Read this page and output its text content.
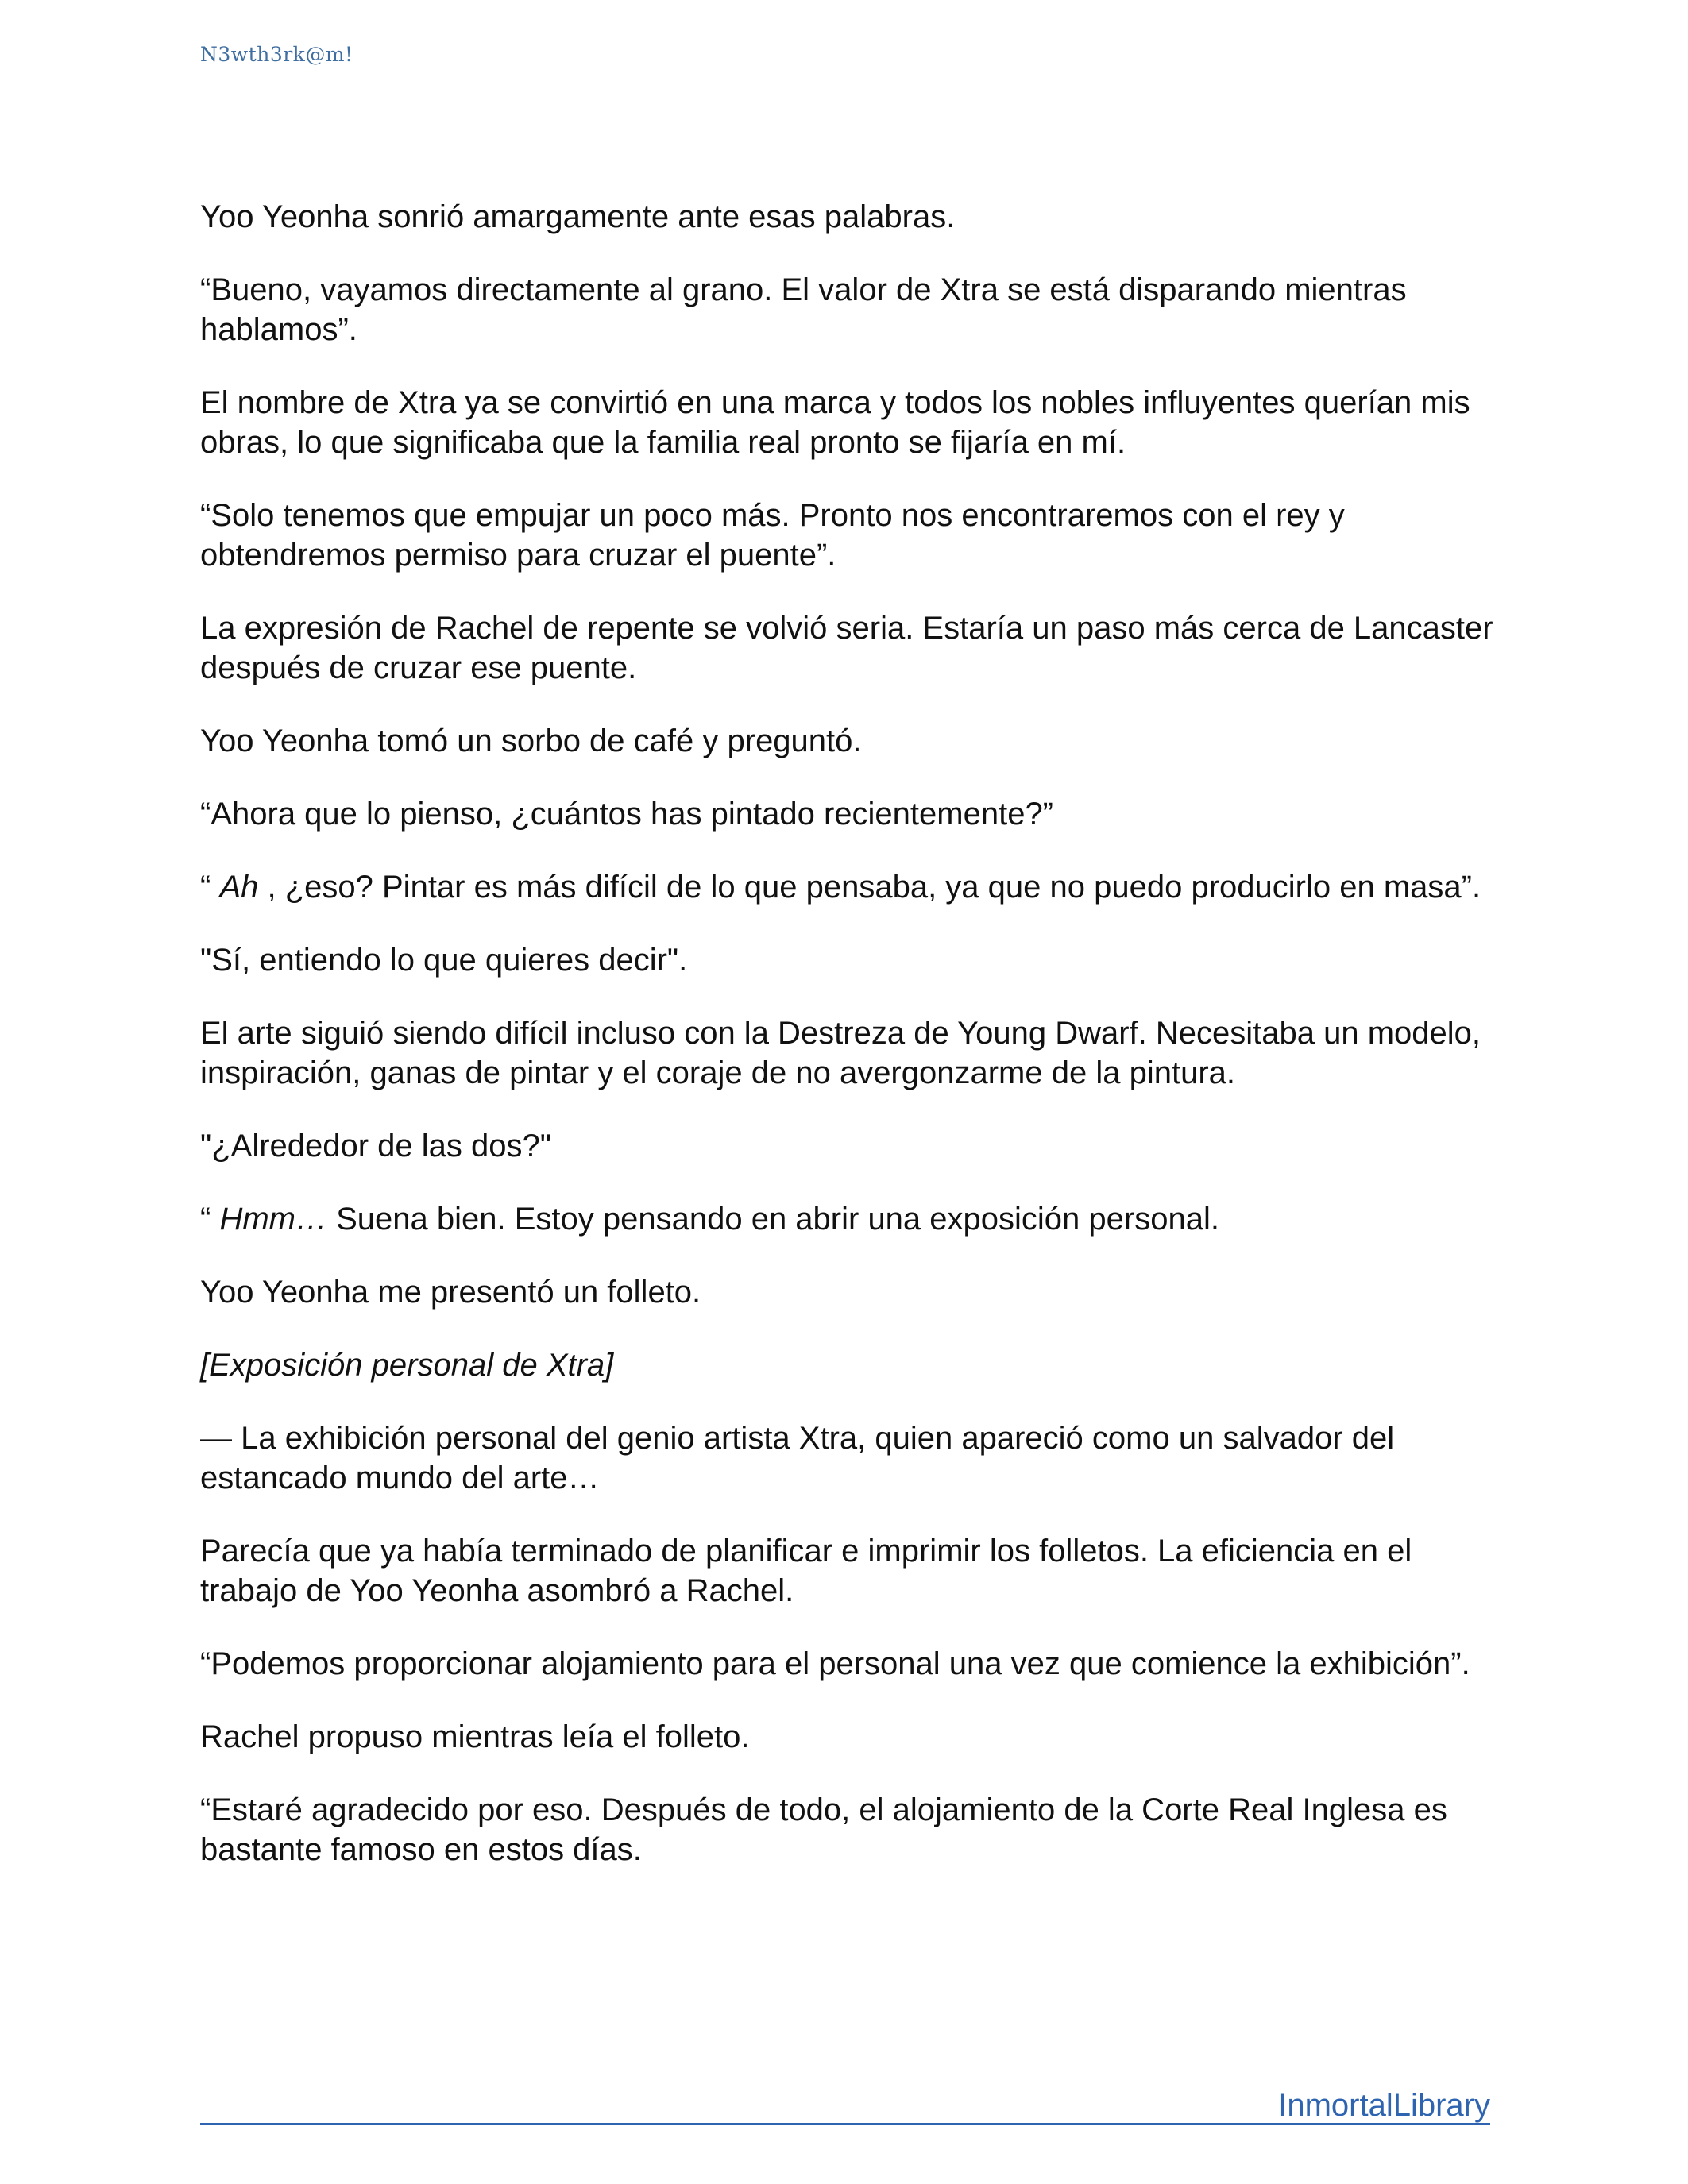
N3wth3rk@m!

Yoo Yeonha sonrió amargamente ante esas palabras.

“Bueno, vayamos directamente al grano. El valor de Xtra se está disparando mientras hablamos”.

El nombre de Xtra ya se convirtió en una marca y todos los nobles influyentes querían mis obras, lo que significaba que la familia real pronto se fijaría en mí.

“Solo tenemos que empujar un poco más. Pronto nos encontraremos con el rey y obtendremos permiso para cruzar el puente”.

La expresión de Rachel de repente se volvió seria. Estaría un paso más cerca de Lancaster después de cruzar ese puente.

Yoo Yeonha tomó un sorbo de café y preguntó.

“Ahora que lo pienso, ¿cuántos has pintado recientemente?”

“ Ah , ¿eso? Pintar es más difícil de lo que pensaba, ya que no puedo producirlo en masa”.

"Sí, entiendo lo que quieres decir".

El arte siguió siendo difícil incluso con la Destreza de Young Dwarf. Necesitaba un modelo, inspiración, ganas de pintar y el coraje de no avergonzarme de la pintura.

"¿Alrededor de las dos?"

“ Hmm… Suena bien. Estoy pensando en abrir una exposición personal.

Yoo Yeonha me presentó un folleto.

[Exposición personal de Xtra]

— La exhibición personal del genio artista Xtra, quien apareció como un salvador del estancado mundo del arte…

Parecía que ya había terminado de planificar e imprimir los folletos. La eficiencia en el trabajo de Yoo Yeonha asombró a Rachel.

“Podemos proporcionar alojamiento para el personal una vez que comience la exhibición”.

Rachel propuso mientras leía el folleto.

“Estaré agradecido por eso. Después de todo, el alojamiento de la Corte Real Inglesa es bastante famoso en estos días.

InmortalLibrary
